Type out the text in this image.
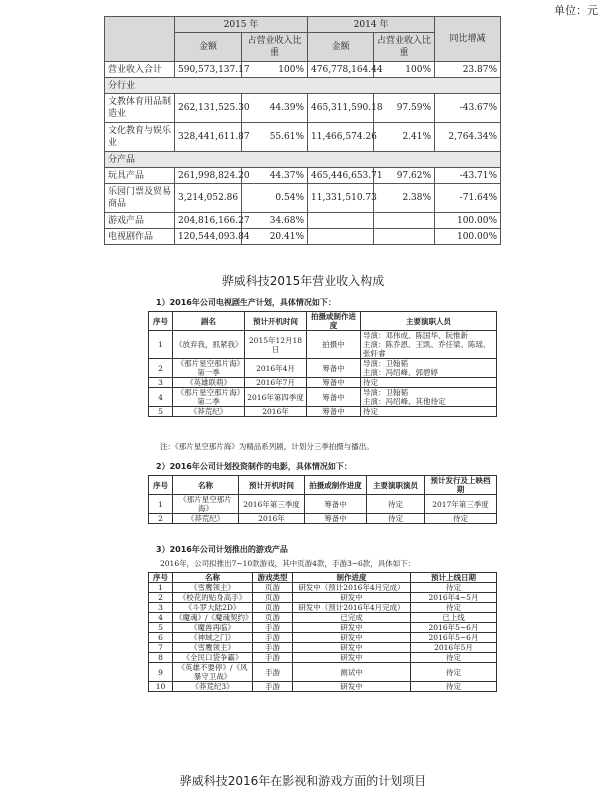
单位：元
	2015 年		2014 年		同比增减
	金额	占营业收入比重	金额	占营业收入比重	
营业收入合计	590,573,137.17	100%	476,778,164.44	100%	23.87%
分行业					
文教体育用品制造业	262,131,525.30	44.39%	465,311,590.18	97.59%	-43.67%
文化教育与娱乐业	328,441,611.87	55.61%	11,466,574.26	2.41%	2,764.34%
分产品					
玩具产品	261,998,824.20	44.37%	465,446,653.71	97.62%	-43.71%
乐园门票及贸易商品	3,214,052.86	0.54%	11,331,510.73	2.38%	-71.64%
游戏产品	204,816,166.27	34.68%			100.00%
电视剧作品	120,544,093.84	20.41%			100.00%
骅威科技2015年营业收入构成
1）2016年公司电视剧生产计划，具体情况如下：
序号	剧名	预计开机时间	拍摄或制作进度	主要演职人员
1	《放弃我，抓紧我》	2015年12月18日	拍摄中	导演：邓伟成、陈国华、阮惟新
主演：陈乔恩、王凯、乔任梁、陈瑶、张轩睿
2	《那片星空那片海》第一季	2016年4月	筹备中	导演：卫翰韬
主演：冯绍峰、郭碧婷
3	《英雄联萌》	2016年7月	筹备中	待定
4	《那片星空那片海》第二季	2016年第四季度	筹备中	导演：卫翰韬
主演：冯绍峰、其他待定
5	《莽荒纪》	2016年	筹备中	待定
注：《那片星空那片海》为精品系列剧，计划分三季拍摄与播出。
2）2016年公司计划投资制作的电影，具体情况如下：
序号	名称	预计开机时间	拍摄或制作进度	主要演职演员	预计发行及上映档期
1	《那片星空那片海》	2016年第三季度	筹备中	待定	2017年第三季度
2	《莽荒纪》	2016年	筹备中	待定	待定
3）2016年公司计划推出的游戏产品
2016年，公司拟推出7~10款游戏，其中页游4款，手游3~6款，具体如下：
序号	名称	游戏类型	制作进度	预计上线日期
1	《雪鹰领主》	页游	研发中（预计2016年4月完成）	待定
2	《校花的贴身高手》	页游	研发中	2016年4~5月
3	《斗罗大陆2D》	页游	研发中（预计2016年4月完成）	待定
4	《魔魂》/《魔魂契约》	页游	已完成	已上线
5	《魔兽再临》	手游	研发中	2016年5~6月
6	《神域之门》	手游	研发中	2016年5~6月
7	《雪鹰领主》	手游	研发中	2016年5月
8	《全民口袋争霸》	手游	研发中	待定
9	《英雄不要停》/《风暴守卫战》	手游	测试中	待定
10	《莽荒纪3》	手游	研发中	待定
骅威科技2016年在影视和游戏方面的计划项目
